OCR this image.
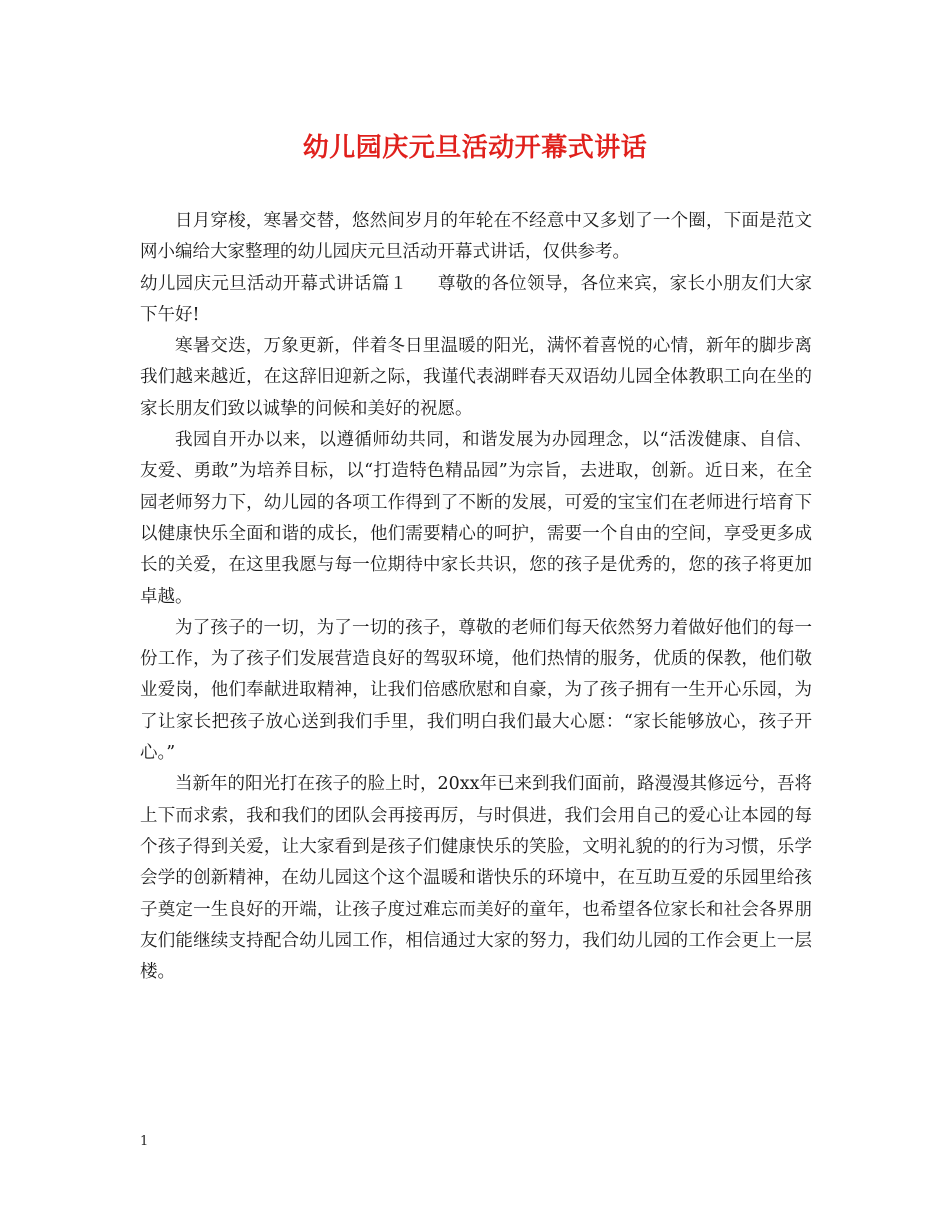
幼儿园庆元旦活动开幕式讲话

日月穿梭，寒暑交替，悠然间岁月的年轮在不经意中又多划了一个圈，下面是范文网小编给大家整理的幼儿园庆元旦活动开幕式讲话，仅供参考。

幼儿园庆元旦活动开幕式讲话篇１ 尊敬的各位领导，各位来宾，家长小朋友们大家下午好!

寒暑交迭，万象更新，伴着冬日里温暖的阳光，满怀着喜悦的心情，新年的脚步离我们越来越近，在这辞旧迎新之际，我谨代表湖畔春天双语幼儿园全体教职工向在坐的家长朋友们致以诚挚的问候和美好的祝愿。

我园自开办以来，以遵循师幼共同，和谐发展为办园理念，以“活泼健康、自信、友爱、勇敢”为培养目标，以“打造特色精品园”为宗旨，去进取，创新。近日来，在全园老师努力下，幼儿园的各项工作得到了不断的发展，可爱的宝宝们在老师进行培育下以健康快乐全面和谐的成长，他们需要精心的呵护，需要一个自由的空间，享受更多成长的关爱，在这里我愿与每一位期待中家长共识，您的孩子是优秀的，您的孩子将更加卓越。

为了孩子的一切，为了一切的孩子，尊敬的老师们每天依然努力着做好他们的每一份工作，为了孩子们发展营造良好的驾驭环境，他们热情的服务，优质的保教，他们敬业爱岗，他们奉献进取精神，让我们倍感欣慰和自豪，为了孩子拥有一生开心乐园，为了让家长把孩子放心送到我们手里，我们明白我们最大心愿：“家长能够放心，孩子开心。”

当新年的阳光打在孩子的脸上时，20xx年已来到我们面前，路漫漫其修远兮，吾将上下而求索，我和我们的团队会再接再厉，与时俱进，我们会用自己的爱心让本园的每个孩子得到关爱，让大家看到是孩子们健康快乐的笑脸，文明礼貌的的行为习惯，乐学会学的创新精神，在幼儿园这个这个温暖和谐快乐的环境中，在互助互爱的乐园里给孩子奠定一生良好的开端，让孩子度过难忘而美好的童年，也希望各位家长和社会各界朋友们能继续支持配合幼儿园工作，相信通过大家的努力，我们幼儿园的工作会更上一层楼。

1
